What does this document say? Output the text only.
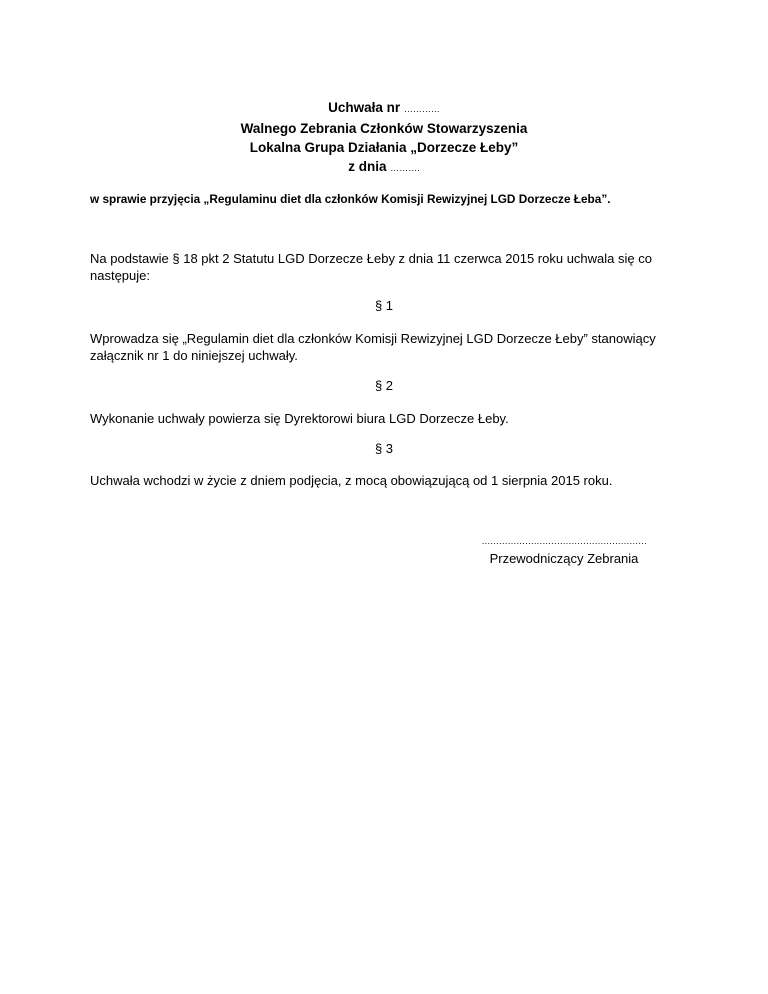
Uchwała nr …………
Walnego Zebrania Członków Stowarzyszenia
Lokalna Grupa Działania „Dorzecze Łeby”
z dnia ……….
w sprawie przyjęcia „Regulaminu diet dla członków Komisji Rewizyjnej LGD Dorzecze Łeba”.
Na podstawie § 18 pkt 2 Statutu LGD Dorzecze Łeby z dnia 11 czerwca 2015 roku uchwala się co
następuje:
§ 1
Wprowadza się „Regulamin diet dla członków Komisji Rewizyjnej LGD Dorzecze Łeby” stanowiący
załącznik nr 1 do niniejszej uchwały.
§ 2
Wykonanie uchwały powierza się Dyrektorowi biura LGD Dorzecze Łeby.
§ 3
Uchwała wchodzi w życie z dniem podjęcia, z mocą obowiązującą od 1 sierpnia 2015 roku.
…………………………………………………
Przewodniczący Zebrania
